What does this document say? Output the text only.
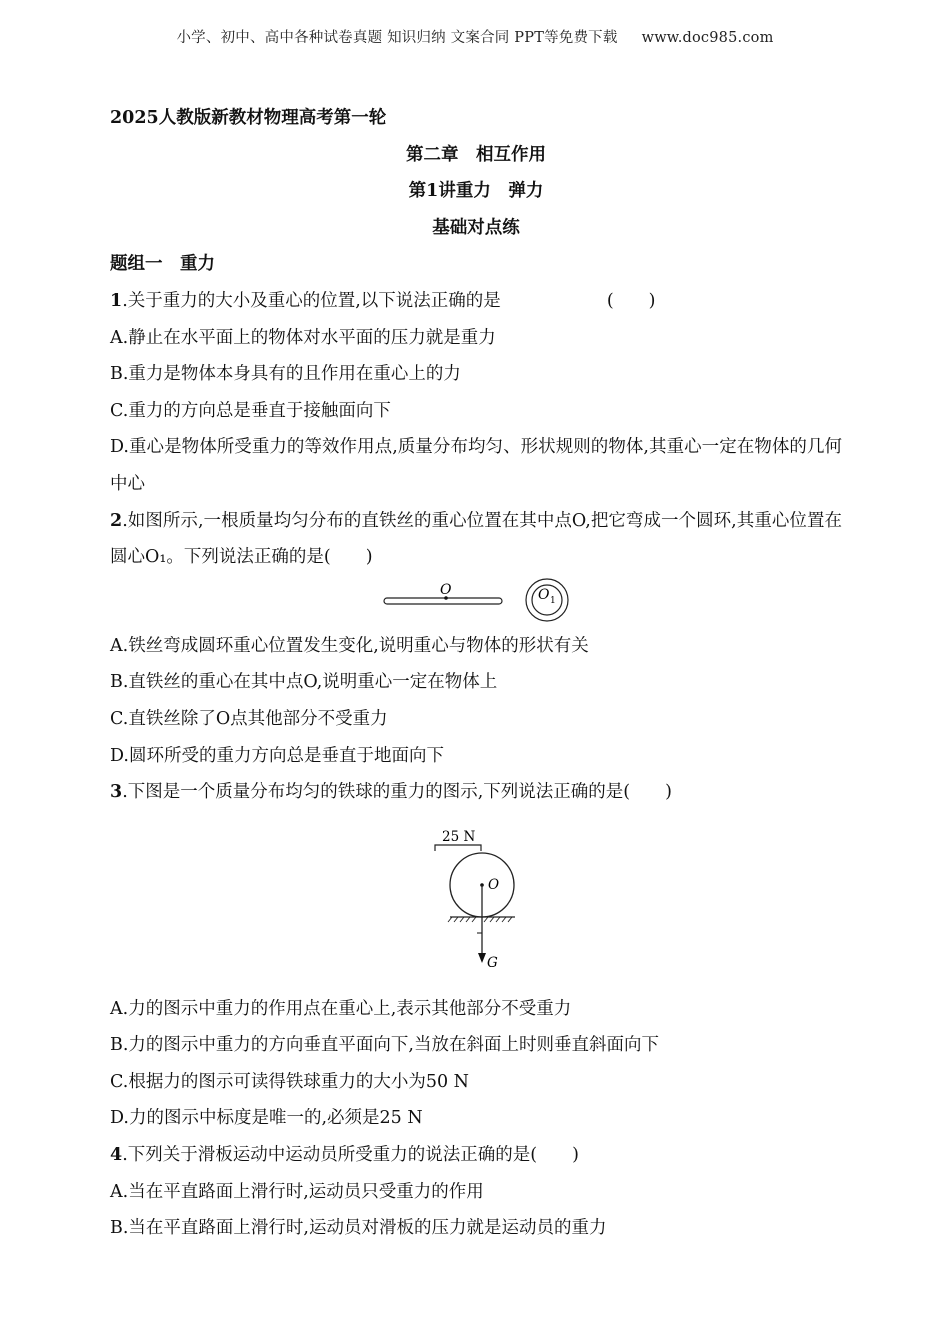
小学、初中、高中各种试卷真题 知识归纳 文案合同 PPT等免费下载 www.doc985.com
2025人教版新教材物理高考第一轮
第二章　相互作用
第1讲重力　弹力
基础对点练
题组一　重力
1.关于重力的大小及重心的位置,以下说法正确的是	(　　)
A.静止在水平面上的物体对水平面的压力就是重力
B.重力是物体本身具有的且作用在重心上的力
C.重力的方向总是垂直于接触面向下
D.重心是物体所受重力的等效作用点,质量分布均匀、形状规则的物体,其重心一定在物体的几何中心
2.如图所示,一根质量均匀分布的直铁丝的重心位置在其中点O,把它弯成一个圆环,其重心位置在圆心O₁。下列说法正确的是(　　)
O	O 1
A.铁丝弯成圆环重心位置发生变化,说明重心与物体的形状有关
B.直铁丝的重心在其中点O,说明重心一定在物体上
C.直铁丝除了O点其他部分不受重力
D.圆环所受的重力方向总是垂直于地面向下
3.下图是一个质量分布均匀的铁球的重力的图示,下列说法正确的是(　　)
25 N
O
G
A.力的图示中重力的作用点在重心上,表示其他部分不受重力
B.力的图示中重力的方向垂直平面向下,当放在斜面上时则垂直斜面向下
C.根据力的图示可读得铁球重力的大小为50 N
D.力的图示中标度是唯一的,必须是25 N
4.下列关于滑板运动中运动员所受重力的说法正确的是(　　)
A.当在平直路面上滑行时,运动员只受重力的作用
B.当在平直路面上滑行时,运动员对滑板的压力就是运动员的重力
